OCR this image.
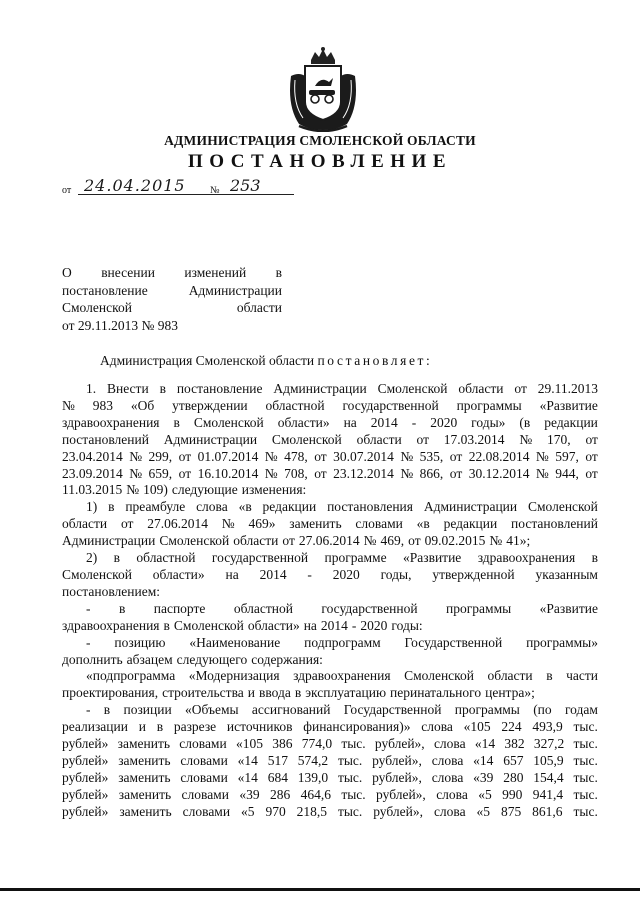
АДМИНИСТРАЦИЯ СМОЛЕНСКОЙ ОБЛАСТИ
ПОСТАНОВЛЕНИЕ
от 24.04.2015 № 253
О внесении изменений в
постановление	Администрации
Смоленской	области
от 29.11.2013 № 983
Администрация Смоленской области постановляет:
1. Внести в постановление Администрации Смоленской области от 29.11.2013
№ 983 «Об утверждении областной государственной программы «Развитие
здравоохранения в Смоленской области» на 2014 - 2020 годы» (в редакции
постановлений Администрации Смоленской области от 17.03.2014 № 170, от
23.04.2014 № 299, от 01.07.2014 № 478, от 30.07.2014 № 535, от 22.08.2014 № 597, от
23.09.2014 № 659, от 16.10.2014 № 708, от 23.12.2014 № 866, от 30.12.2014 № 944, от
11.03.2015 № 109) следующие изменения:
1) в преамбуле слова «в редакции постановления Администрации Смоленской
области от 27.06.2014 № 469» заменить словами «в редакции постановлений
Администрации Смоленской области от 27.06.2014 № 469, от 09.02.2015 № 41»;
2) в областной государственной программе «Развитие здравоохранения в
Смоленской области» на 2014 - 2020 годы, утвержденной указанным
постановлением:
- в паспорте областной государственной программы «Развитие
здравоохранения в Смоленской области» на 2014 - 2020 годы:
- позицию «Наименование подпрограмм Государственной программы»
дополнить абзацем следующего содержания:
«подпрограмма «Модернизация здравоохранения Смоленской области в части
проектирования, строительства и ввода в эксплуатацию перинатального центра»;
- в позиции «Объемы ассигнований Государственной программы (по годам
реализации и в разрезе источников финансирования)» слова «105 224 493,9 тыс.
рублей» заменить словами «105 386 774,0 тыс. рублей», слова «14 382 327,2 тыс.
рублей» заменить словами «14 517 574,2 тыс. рублей», слова «14 657 105,9 тыс.
рублей» заменить словами «14 684 139,0 тыс. рублей», слова «39 280 154,4 тыс.
рублей» заменить словами «39 286 464,6 тыс. рублей», слова «5 990 941,4 тыс.
рублей» заменить словами «5 970 218,5 тыс. рублей», слова «5 875 861,6 тыс.
